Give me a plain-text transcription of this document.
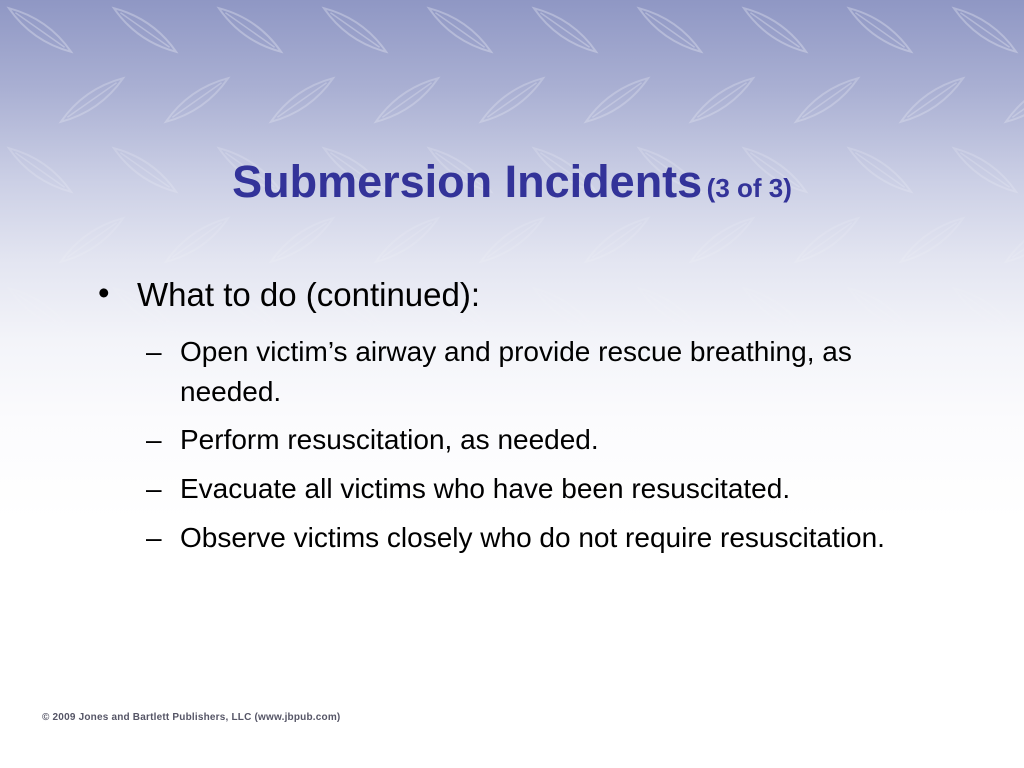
Submersion Incidents (3 of 3)
• What to do (continued):
– Open victim’s airway and provide rescue breathing, as needed.
– Perform resuscitation, as needed.
– Evacuate all victims who have been resuscitated.
– Observe victims closely who do not require resuscitation.
© 2009 Jones and Bartlett Publishers, LLC (www.jbpub.com)
